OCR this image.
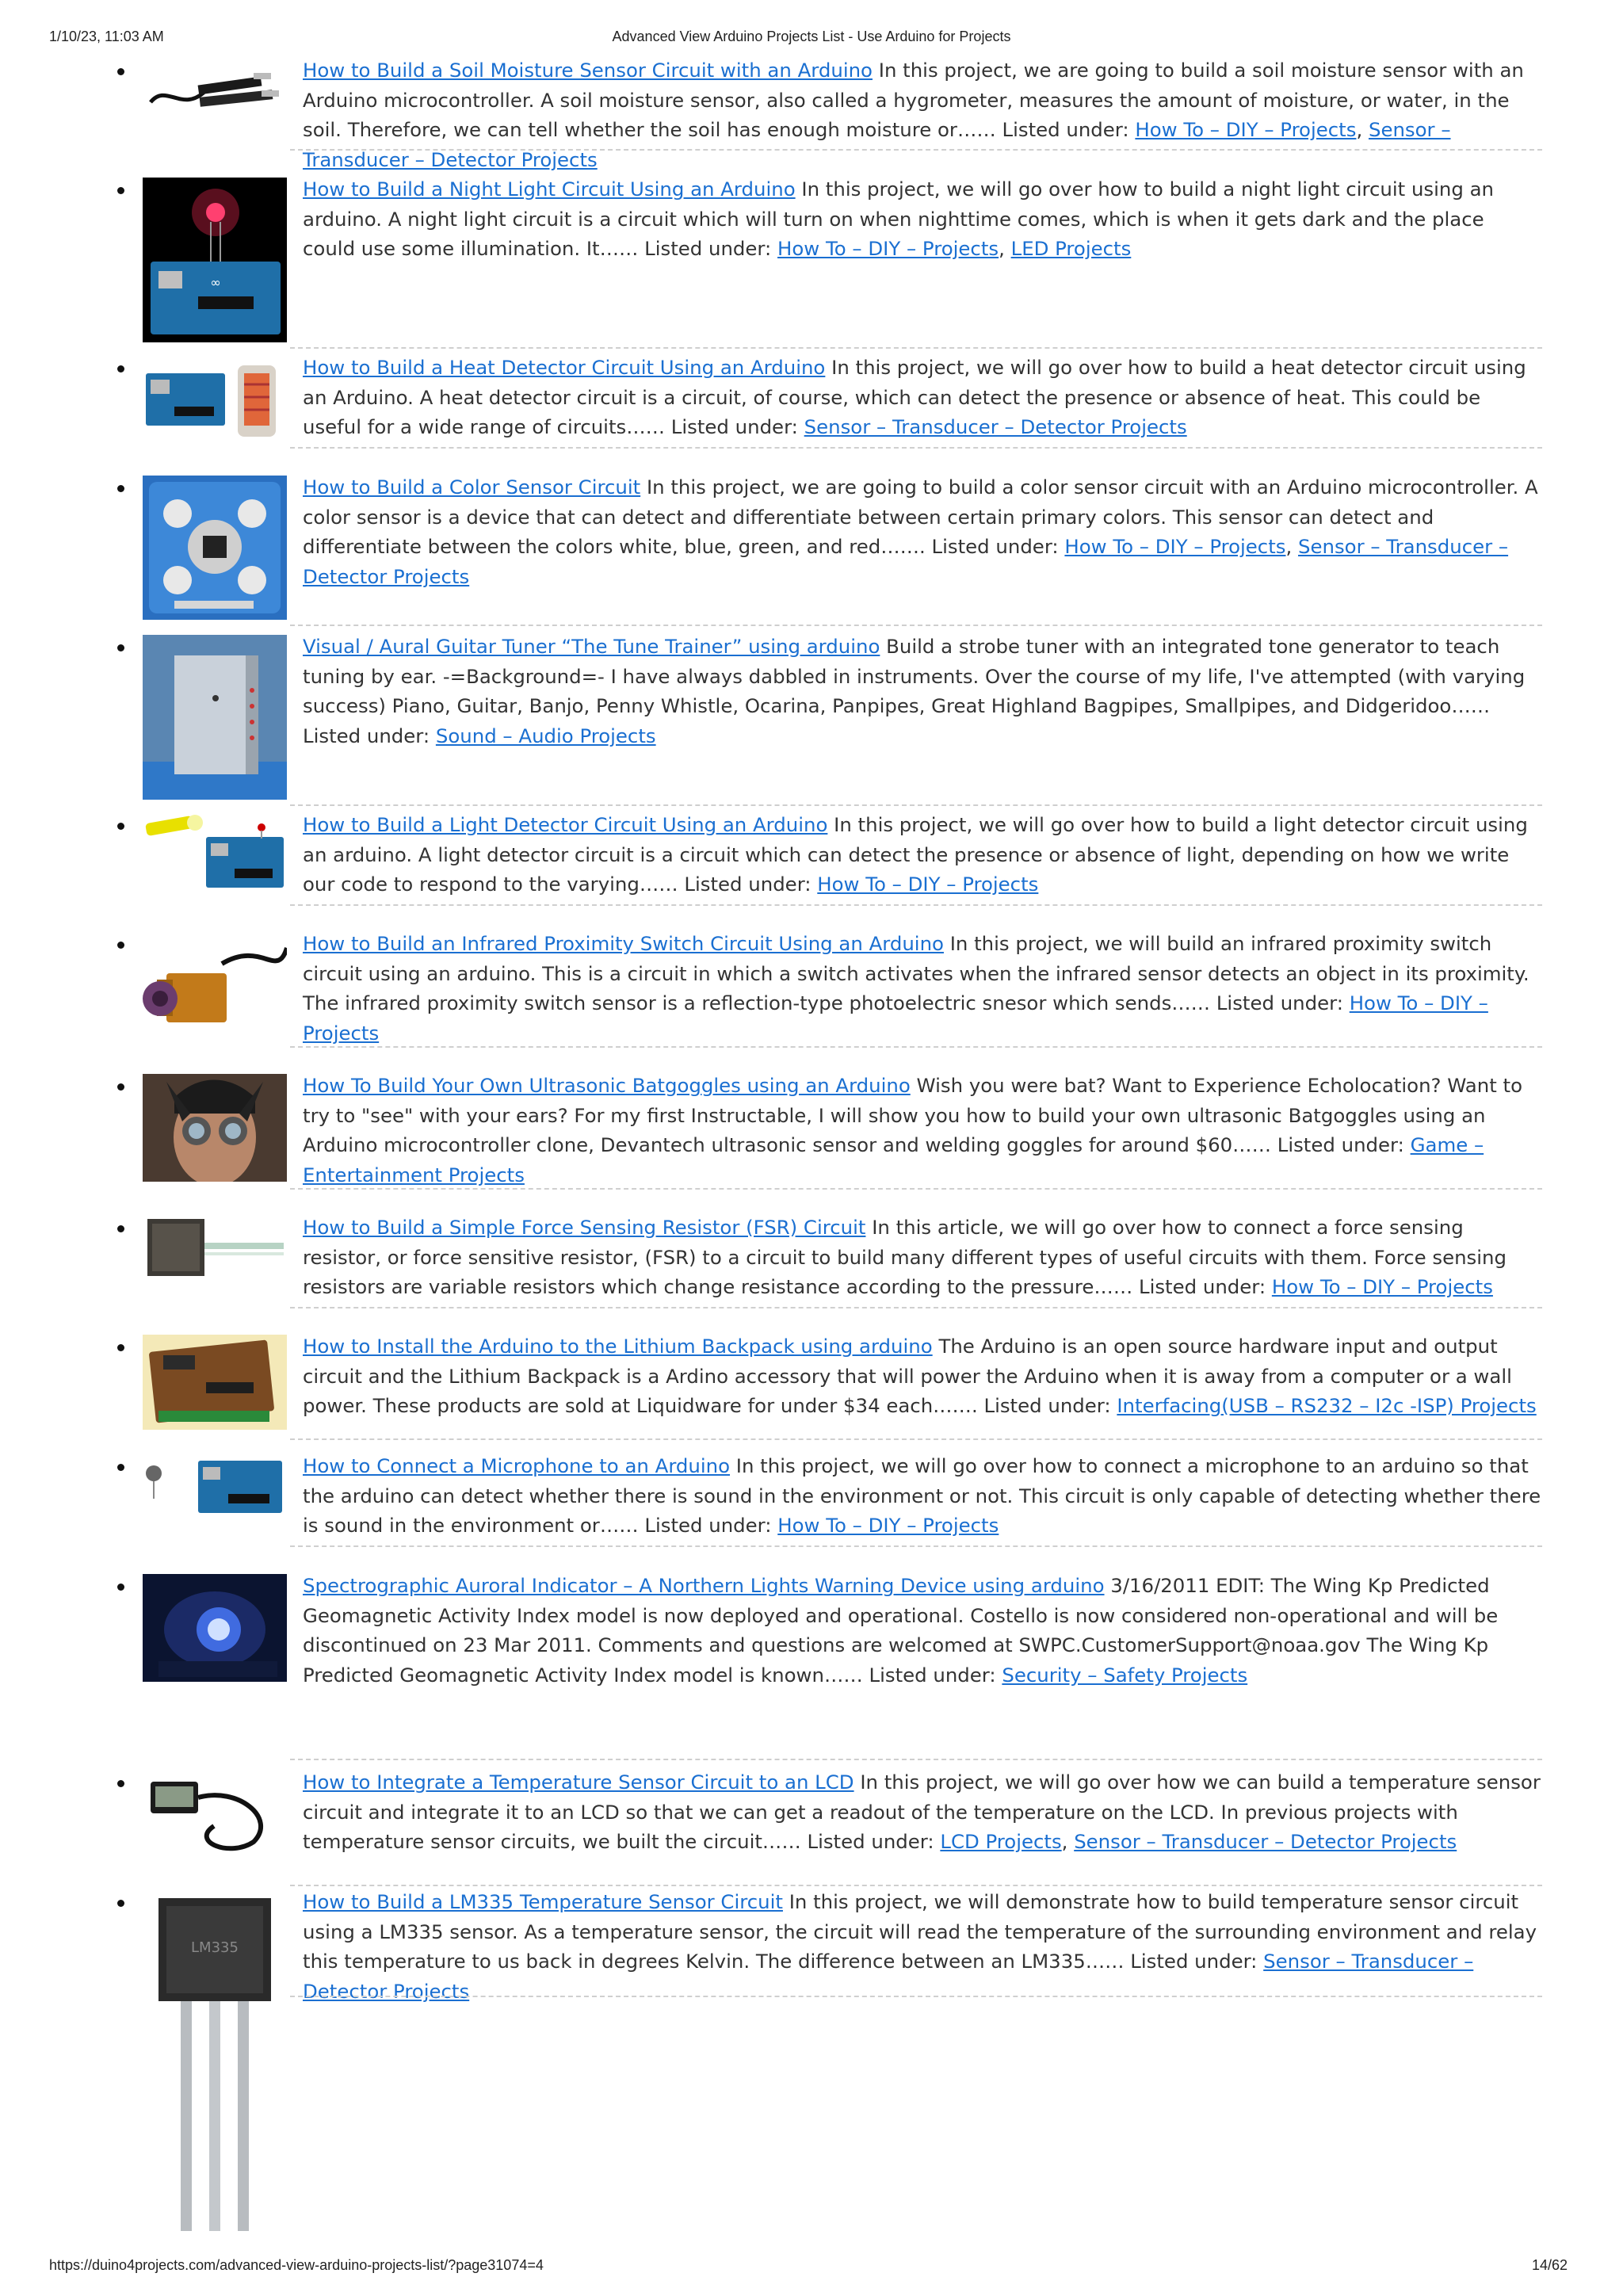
1/10/23, 11:03 AM	Advanced View Arduino Projects List - Use Arduino for Projects
How to Build a Soil Moisture Sensor Circuit with an Arduino In this project, we are going to build a soil moisture sensor with an Arduino microcontroller. A soil moisture sensor, also called a hygrometer, measures the amount of moisture, or water, in the soil. Therefore, we can tell whether the soil has enough moisture or…… Listed under: How To – DIY – Projects, Sensor – Transducer – Detector Projects
∞
How to Build a Night Light Circuit Using an Arduino In this project, we will go over how to build a night light circuit using an arduino. A night light circuit is a circuit which will turn on when nighttime comes, which is when it gets dark and the place could use some illumination. It…… Listed under: How To – DIY – Projects, LED Projects
How to Build a Heat Detector Circuit Using an Arduino In this project, we will go over how to build a heat detector circuit using an Arduino. A heat detector circuit is a circuit, of course, which can detect the presence or absence of heat. This could be useful for a wide range of circuits…… Listed under: Sensor – Transducer – Detector Projects
How to Build a Color Sensor Circuit In this project, we are going to build a color sensor circuit with an Arduino microcontroller. A color sensor is a device that can detect and differentiate between certain primary colors. This sensor can detect and differentiate between the colors white, blue, green, and red……. Listed under: How To – DIY – Projects, Sensor – Transducer – Detector Projects
Visual / Aural Guitar Tuner “The Tune Trainer” using arduino Build a strobe tuner with an integrated tone generator to teach tuning by ear. -=Background=- I have always dabbled in instruments. Over the course of my life, I've attempted (with varying success) Piano, Guitar, Banjo, Penny Whistle, Ocarina, Panpipes, Great Highland Bagpipes, Smallpipes, and Didgeridoo…… Listed under: Sound – Audio Projects
How to Build a Light Detector Circuit Using an Arduino In this project, we will go over how to build a light detector circuit using an arduino. A light detector circuit is a circuit which can detect the presence or absence of light, depending on how we write our code to respond to the varying…… Listed under: How To – DIY – Projects
How to Build an Infrared Proximity Switch Circuit Using an Arduino In this project, we will build an infrared proximity switch circuit using an arduino. This is a circuit in which a switch activates when the infrared sensor detects an object in its proximity. The infrared proximity switch sensor is a reflection-type photoelectric snesor which sends…… Listed under: How To – DIY – Projects
How To Build Your Own Ultrasonic Batgoggles using an Arduino Wish you were bat? Want to Experience Echolocation? Want to try to "see" with your ears? For my first Instructable, I will show you how to build your own ultrasonic Batgoggles using an Arduino microcontroller clone, Devantech ultrasonic sensor and welding goggles for around $60…… Listed under: Game – Entertainment Projects
How to Build a Simple Force Sensing Resistor (FSR) Circuit In this article, we will go over how to connect a force sensing resistor, or force sensitive resistor, (FSR) to a circuit to build many different types of useful circuits with them. Force sensing resistors are variable resistors which change resistance according to the pressure…… Listed under: How To – DIY – Projects
How to Install the Arduino to the Lithium Backpack using arduino The Arduino is an open source hardware input and output circuit and the Lithium Backpack is a Ardino accessory that will power the Arduino when it is away from a computer or a wall power. These products are sold at Liquidware for under $34 each……. Listed under: Interfacing(USB – RS232 – I2c -ISP) Projects
How to Connect a Microphone to an Arduino In this project, we will go over how to connect a microphone to an arduino so that the arduino can detect whether there is sound in the environment or not. This circuit is only capable of detecting whether there is sound in the environment or…… Listed under: How To – DIY – Projects
Spectrographic Auroral Indicator – A Northern Lights Warning Device using arduino 3/16/2011 EDIT: The Wing Kp Predicted Geomagnetic Activity Index model is now deployed and operational. Costello is now considered non-operational and will be discontinued on 23 Mar 2011. Comments and questions are welcomed at SWPC.CustomerSupport@noaa.gov The Wing Kp Predicted Geomagnetic Activity Index model is known…… Listed under: Security – Safety Projects
How to Integrate a Temperature Sensor Circuit to an LCD In this project, we will go over how we can build a temperature sensor circuit and integrate it to an LCD so that we can get a readout of the temperature on the LCD. In previous projects with temperature sensor circuits, we built the circuit…… Listed under: LCD Projects, Sensor – Transducer – Detector Projects
LM335
How to Build a LM335 Temperature Sensor Circuit In this project, we will demonstrate how to build temperature sensor circuit using a LM335 sensor. As a temperature sensor, the circuit will read the temperature of the surrounding environment and relay this temperature to us back in degrees Kelvin. The difference between an LM335…… Listed under: Sensor – Transducer – Detector Projects
https://duino4projects.com/advanced-view-arduino-projects-list/?page31074=4	14/62
